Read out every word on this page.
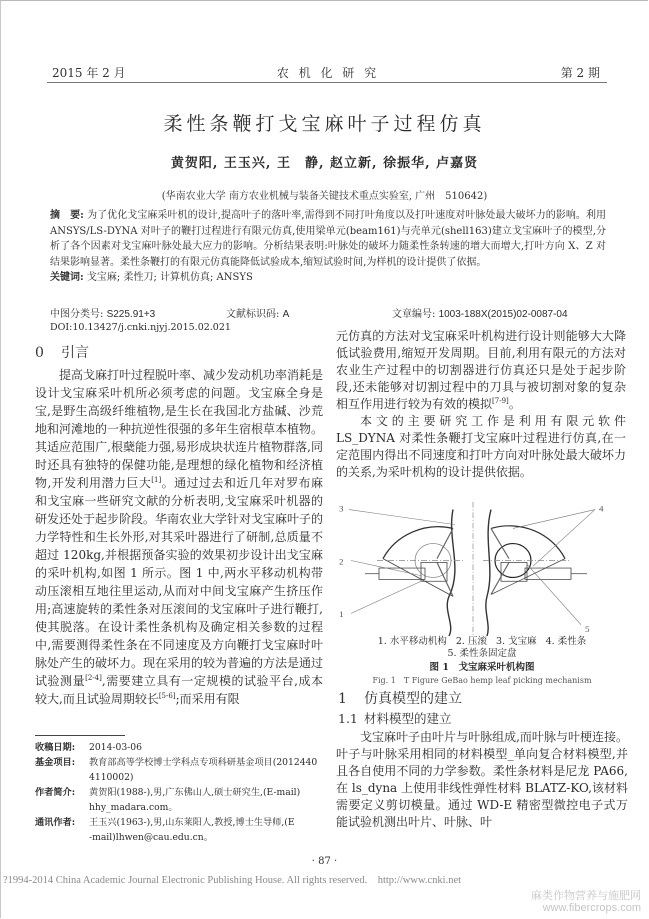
2015 年 2 月	农 机 化 研 究	第 2 期
柔性条鞭打戈宝麻叶子过程仿真
黄贺阳, 王玉兴, 王　静, 赵立新, 徐振华, 卢嘉贤
(华南农业大学 南方农业机械与装备关键技术重点实验室, 广州　510642)
摘　要: 为了优化戈宝麻采叶机的设计,提高叶子的落叶率,需得到不同打叶角度以及打叶速度对叶脉处最大破坏力的影响。利用 ANSYS/LS-DYNA 对叶子的鞭打过程进行有限元仿真,使用梁单元(beam161)与壳单元(shell163)建立戈宝麻叶子的模型,分析了各个因素对戈宝麻叶脉处最大应力的影响。分析结果表明:叶脉处的破坏力随柔性条转速的增大而增大,打叶方向 X、Z 对结果影响显著。柔性条鞭打的有限元仿真能降低试验成本,缩短试验时间,为样机的设计提供了依据。
关键词: 戈宝麻; 柔性刀; 计算机仿真; ANSYS
中图分类号: S225.91+3	文献标识码: A	文章编号: 1003-188X(2015)02-0087-04
DOI:10.13427/j.cnki.njyj.2015.02.021
0 引言

提高戈麻打叶过程脱叶率、减少发动机功率消耗是设计戈宝麻采叶机所必须考虑的问题。戈宝麻全身是宝,是野生高级纤维植物,是生长在我国北方盐碱、沙荒地和河滩地的一种抗逆性很强的多年生宿根草本植物。其适应范围广,根蘖能力强,易形成块状连片植物群落,同时还具有独特的保健功能,是理想的绿化植物和经济植物,开发利用潜力巨大[1]。通过过去和近几年对罗布麻和戈宝麻一些研究文献的分析表明,戈宝麻采叶机器的研发还处于起步阶段。华南农业大学针对戈宝麻叶子的力学特性和生长外形,对其采叶器进行了研制,总质量不超过 120kg,并根据预备实验的效果初步设计出戈宝麻的采叶机构,如图 1 所示。图 1 中,两水平移动机构带动压滚相互地往里运动,从而对中间戈宝麻产生挤压作用;高速旋转的柔性条对压滚间的戈宝麻叶子进行鞭打,使其脱落。在设计柔性条机构及确定相关参数的过程中,需要测得柔性条在不同速度及方向鞭打戈宝麻时叶脉处产生的破坏力。现在采用的较为普遍的方法是通过试验测量[2-4],需要建立具有一定规模的试验平台,成本较大,而且试验周期较长[5-6];而采用有限

收稿日期:	2014-03-06
基金项目:	教育部高等学校博士学科点专项科研基金项目(2012440
4110002)
作者简介:	黄贺阳(1988-),男,广东佛山人,硕士研究生,(E-mail)
hhy_madara.com。
通讯作者:	王玉兴(1963-),男,山东莱阳人,教授,博士生导师,(E
-mail)lhwen@cau.edu.cn。

元仿真的方法对戈宝麻采叶机构进行设计则能够大大降低试验费用,缩短开发周期。目前,利用有限元的方法对农业生产过程中的切割器进行仿真还只是处于起步阶段,还未能够对切割过程中的刀具与被切割对象的复杂相互作用进行较为有效的模拟[7-9]。

本文的主要研究工作是利用有限元软件 LS_DYNA 对柔性条鞭打戈宝麻叶过程进行仿真,在一定范围内得出不同速度和打叶方向对叶脉处最大破坏力的关系,为采叶机构的设计提供依据。

3
2
1
4
5
1. 水平移动机构 2. 压滚 3. 戈宝麻 4. 柔性条 5. 柔性条固定盘
图 1　戈宝麻采叶机构图
Fig. 1　T Figure GeBao hemp leaf picking mechanism
1 仿真模型的建立
1.1 材料模型的建立

戈宝麻叶子由叶片与叶脉组成,而叶脉与叶梗连接。叶子与叶脉采用相同的材料模型_单向复合材料模型,并且各自使用不同的力学参数。柔性条材料是尼龙 PA66,在 ls_dyna 上使用非线性弹性材料 BLATZ-KO,该材料需要定义剪切模量。通过 WD-E 精密型微控电子式万能试验机测出叶片、叶脉、叶

· 87 ·
?1994-2014 China Academic Journal Electronic Publishing House. All rights reserved.　http://www.cnki.net
麻类作物营养与施肥网
www.fibercrops.com
